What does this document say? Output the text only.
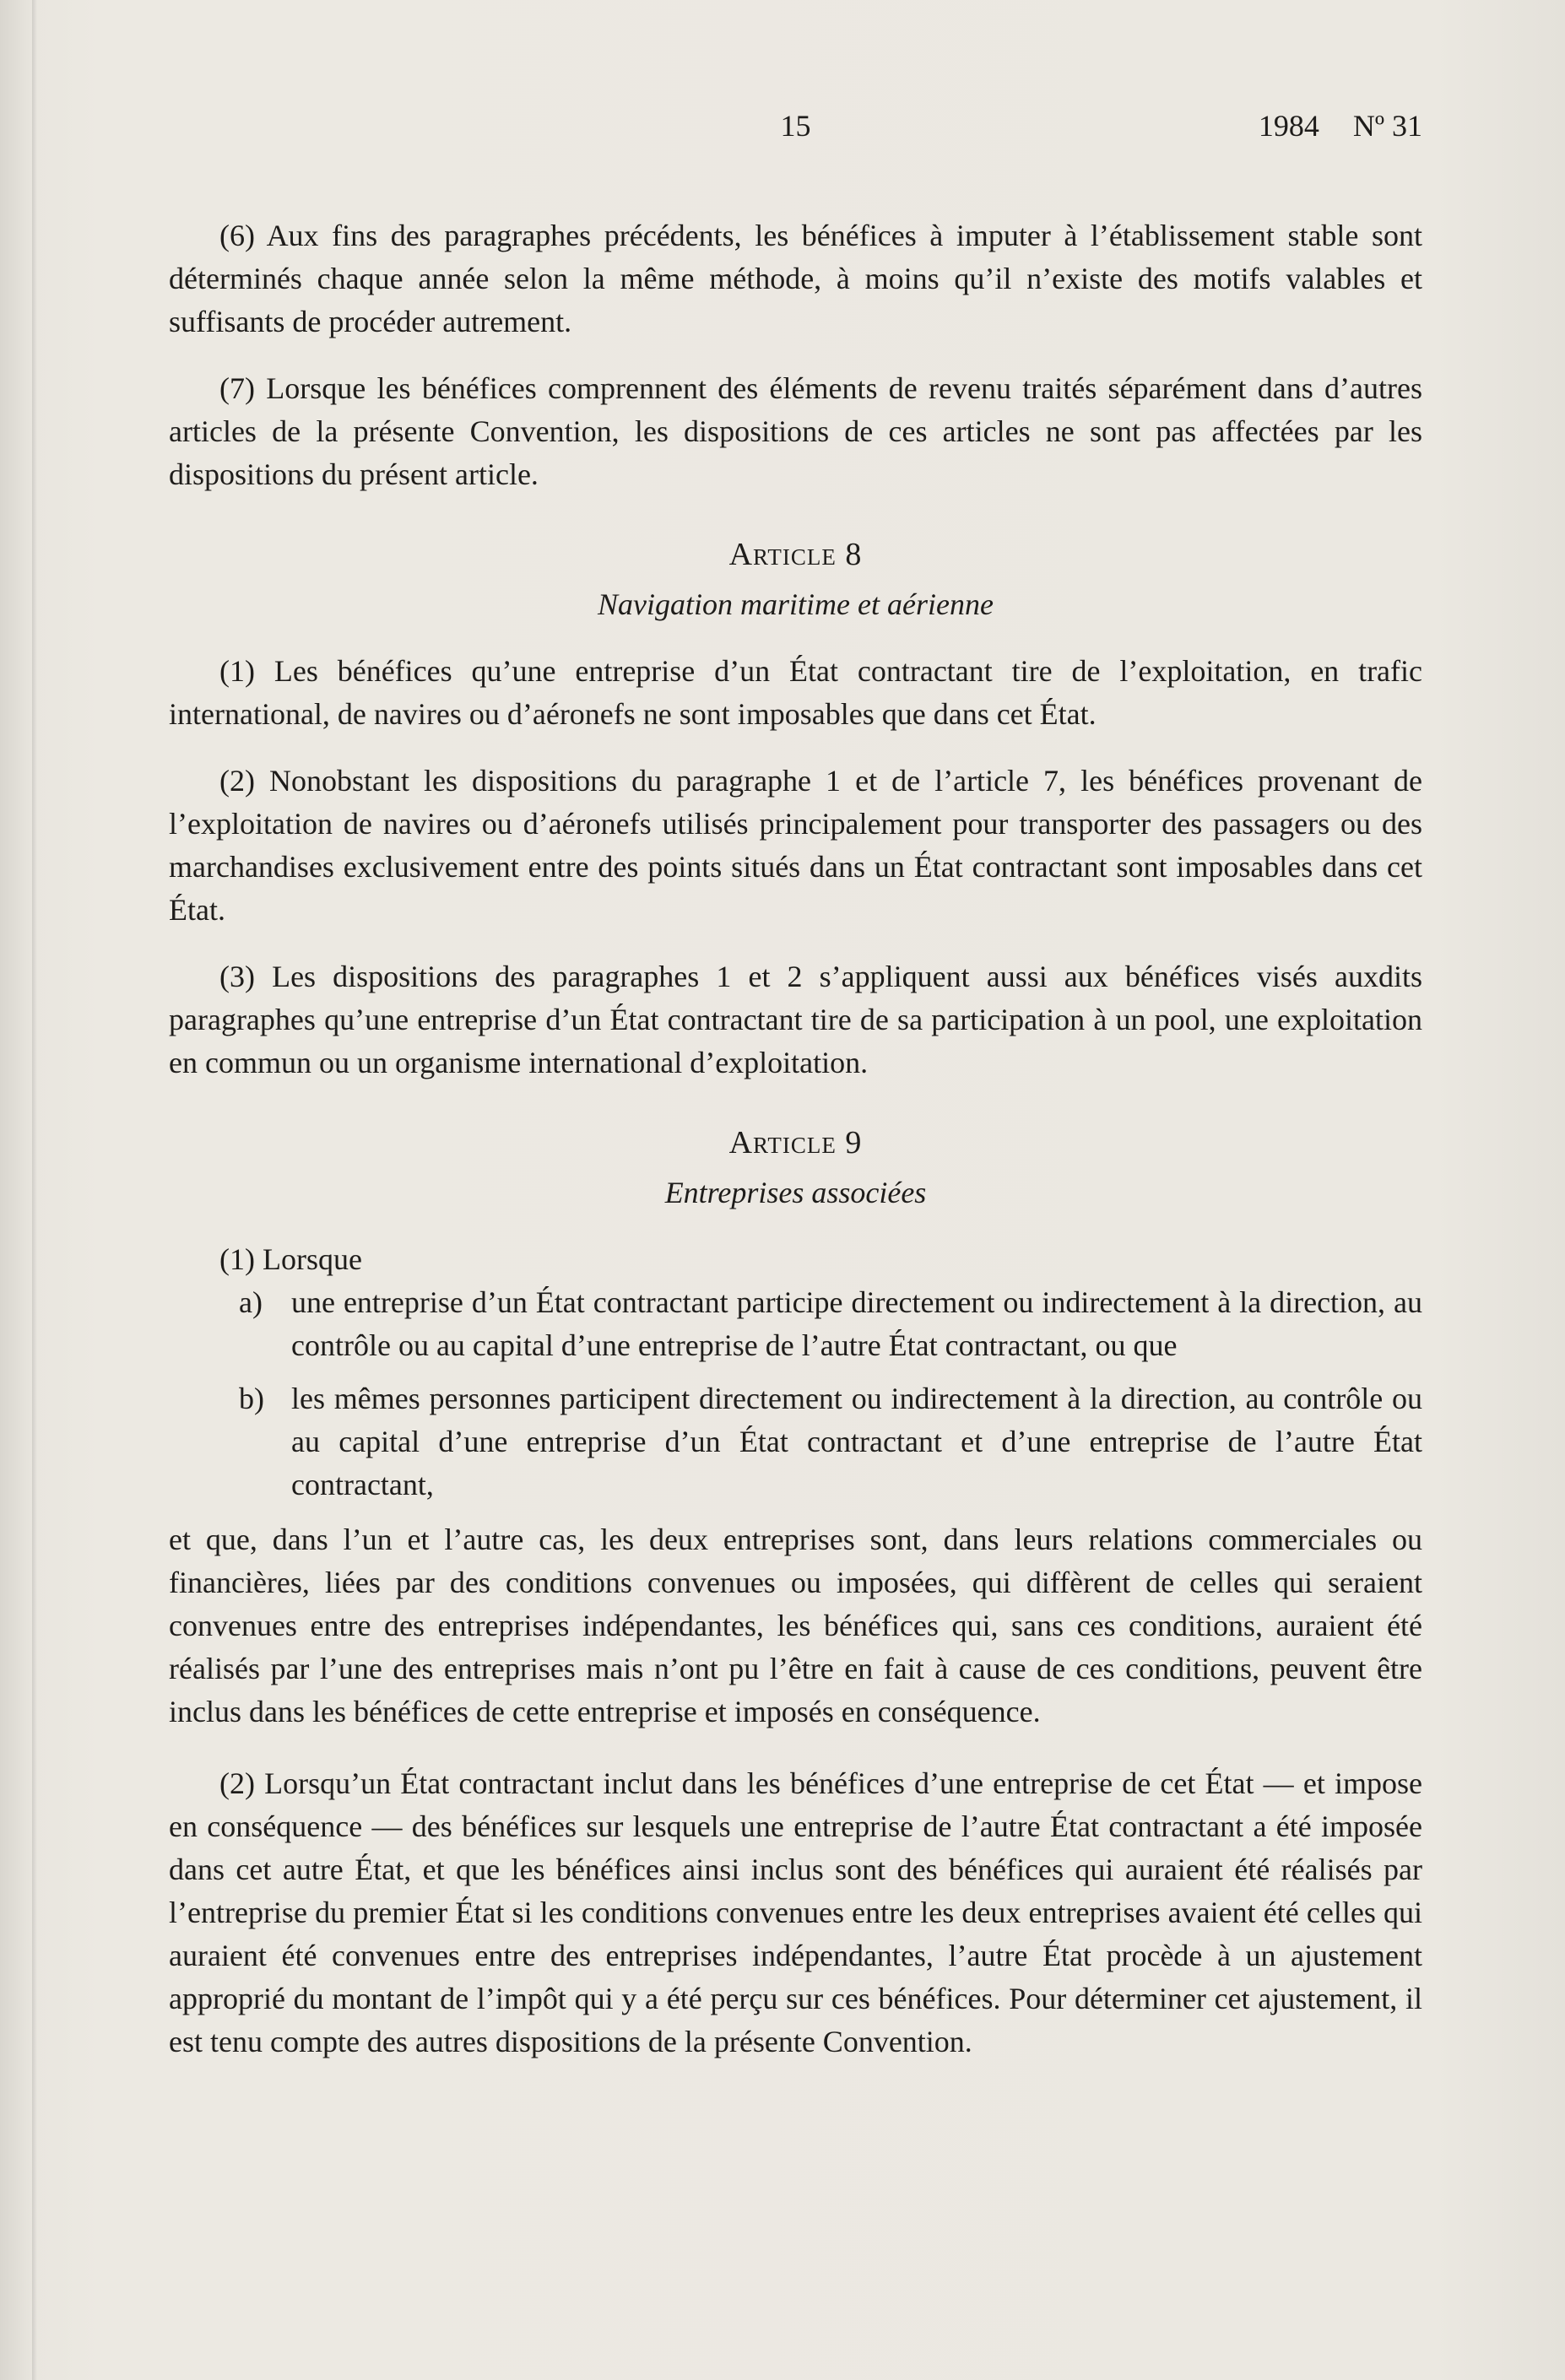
15	1984 Nº 31

(6) Aux fins des paragraphes précédents, les bénéfices à imputer à l’établissement stable sont déterminés chaque année selon la même méthode, à moins qu’il n’existe des motifs valables et suffisants de procéder autrement.

(7) Lorsque les bénéfices comprennent des éléments de revenu traités séparément dans d’autres articles de la présente Convention, les dispositions de ces articles ne sont pas affectées par les dispositions du présent article.

Article 8
Navigation maritime et aérienne

(1) Les bénéfices qu’une entreprise d’un État contractant tire de l’exploitation, en trafic international, de navires ou d’aéronefs ne sont imposables que dans cet État.

(2) Nonobstant les dispositions du paragraphe 1 et de l’article 7, les bénéfices provenant de l’exploitation de navires ou d’aéronefs utilisés principalement pour transporter des passagers ou des marchandises exclusivement entre des points situés dans un État contractant sont imposables dans cet État.

(3) Les dispositions des paragraphes 1 et 2 s’appliquent aussi aux bénéfices visés auxdits paragraphes qu’une entreprise d’un État contractant tire de sa participation à un pool, une exploitation en commun ou un organisme international d’exploitation.

Article 9
Entreprises associées

(1) Lorsque

a) une entreprise d’un État contractant participe directement ou indirectement à la direction, au contrôle ou au capital d’une entreprise de l’autre État contractant, ou que
b) les mêmes personnes participent directement ou indirectement à la direction, au contrôle ou au capital d’une entreprise d’un État contractant et d’une entreprise de l’autre État contractant,

et que, dans l’un et l’autre cas, les deux entreprises sont, dans leurs relations commerciales ou financières, liées par des conditions convenues ou imposées, qui diffèrent de celles qui seraient convenues entre des entreprises indépendantes, les bénéfices qui, sans ces conditions, auraient été réalisés par l’une des entreprises mais n’ont pu l’être en fait à cause de ces conditions, peuvent être inclus dans les bénéfices de cette entreprise et imposés en conséquence.

(2) Lorsqu’un État contractant inclut dans les bénéfices d’une entreprise de cet État — et impose en conséquence — des bénéfices sur lesquels une entreprise de l’autre État contractant a été imposée dans cet autre État, et que les bénéfices ainsi inclus sont des bénéfices qui auraient été réalisés par l’entreprise du premier État si les conditions convenues entre les deux entreprises avaient été celles qui auraient été convenues entre des entreprises indépendantes, l’autre État procède à un ajustement approprié du montant de l’impôt qui y a été perçu sur ces bénéfices. Pour déterminer cet ajustement, il est tenu compte des autres dispositions de la présente Convention.
